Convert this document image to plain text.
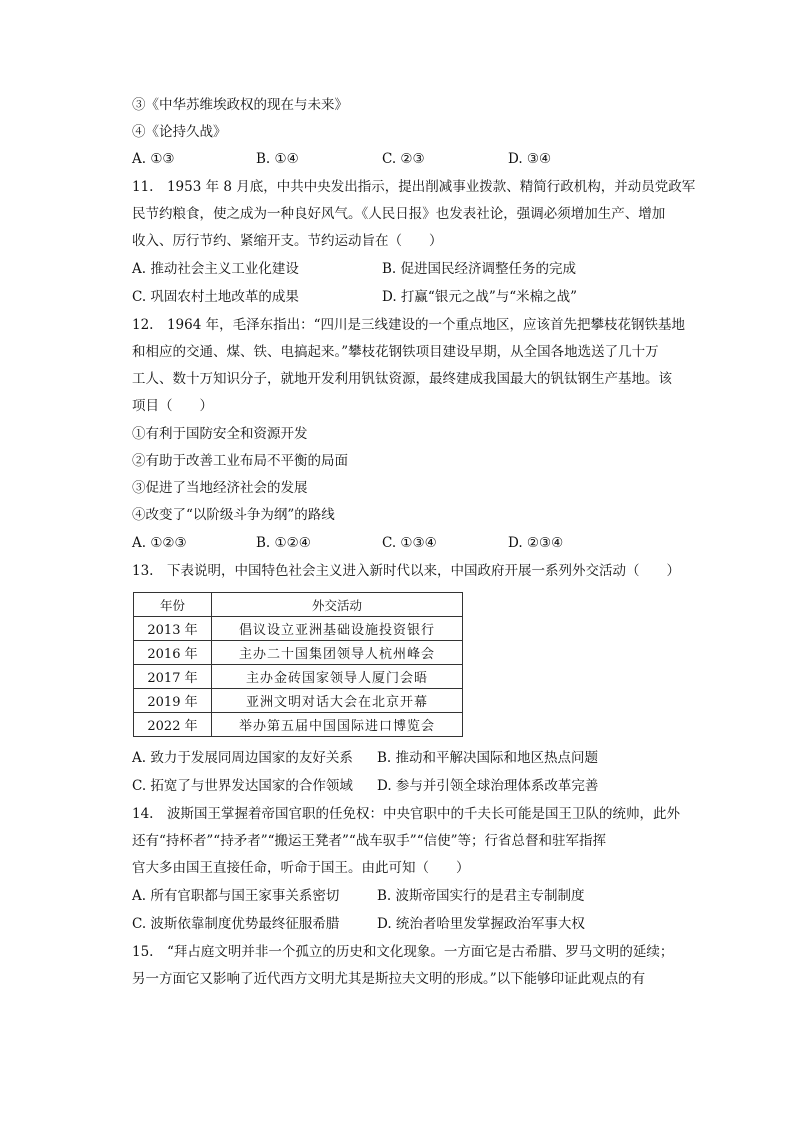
③《中华苏维埃政权的现在与未来》
④《论持久战》
A. ①③	B. ①④	C. ②③	D. ③④
11.　1953 年 8 月底，中共中央发出指示，提出削减事业拨款、精简行政机构，并动员党政军
民节约粮食，使之成为一种良好风气。《人民日报》也发表社论，强调必须增加生产、增加
收入、厉行节约、紧缩开支。节约运动旨在（　　）
A. 推动社会主义工业化建设	B. 促进国民经济调整任务的完成
C. 巩固农村土地改革的成果	D. 打赢“银元之战”与“米棉之战”
12.　1964 年，毛泽东指出：“四川是三线建设的一个重点地区，应该首先把攀枝花钢铁基地
和相应的交通、煤、铁、电搞起来。”攀枝花钢铁项目建设早期，从全国各地选送了几十万
工人、数十万知识分子，就地开发利用钒钛资源，最终建成我国最大的钒钛钢生产基地。该
项目（　　）
①有利于国防安全和资源开发
②有助于改善工业布局不平衡的局面
③促进了当地经济社会的发展
④改变了“以阶级斗争为纲”的路线
A. ①②③	B. ①②④	C. ①③④	D. ②③④
13.　下表说明，中国特色社会主义进入新时代以来，中国政府开展一系列外交活动（　　）
年份	外交活动
2013 年	倡议设立亚洲基础设施投资银行
2016 年	主办二十国集团领导人杭州峰会
2017 年	主办金砖国家领导人厦门会晤
2019 年	亚洲文明对话大会在北京开幕
2022 年	举办第五届中国国际进口博览会
A. 致力于发展同周边国家的友好关系 B. 推动和平解决国际和地区热点问题
C. 拓宽了与世界发达国家的合作领域 D. 参与并引领全球治理体系改革完善
14.　波斯国王掌握着帝国官职的任免权：中央官职中的千夫长可能是国王卫队的统帅，此外
还有“持杯者”“持矛者”“搬运王凳者”“战车驭手”“信使”等；行省总督和驻军指挥
官大多由国王直接任命，听命于国王。由此可知（　　）
A. 所有官职都与国王家事关系密切	B. 波斯帝国实行的是君主专制制度
C. 波斯依靠制度优势最终征服希腊	D. 统治者哈里发掌握政治军事大权
15.　“拜占庭文明并非一个孤立的历史和文化现象。一方面它是古希腊、罗马文明的延续；
另一方面它又影响了近代西方文明尤其是斯拉夫文明的形成。”以下能够印证此观点的有
